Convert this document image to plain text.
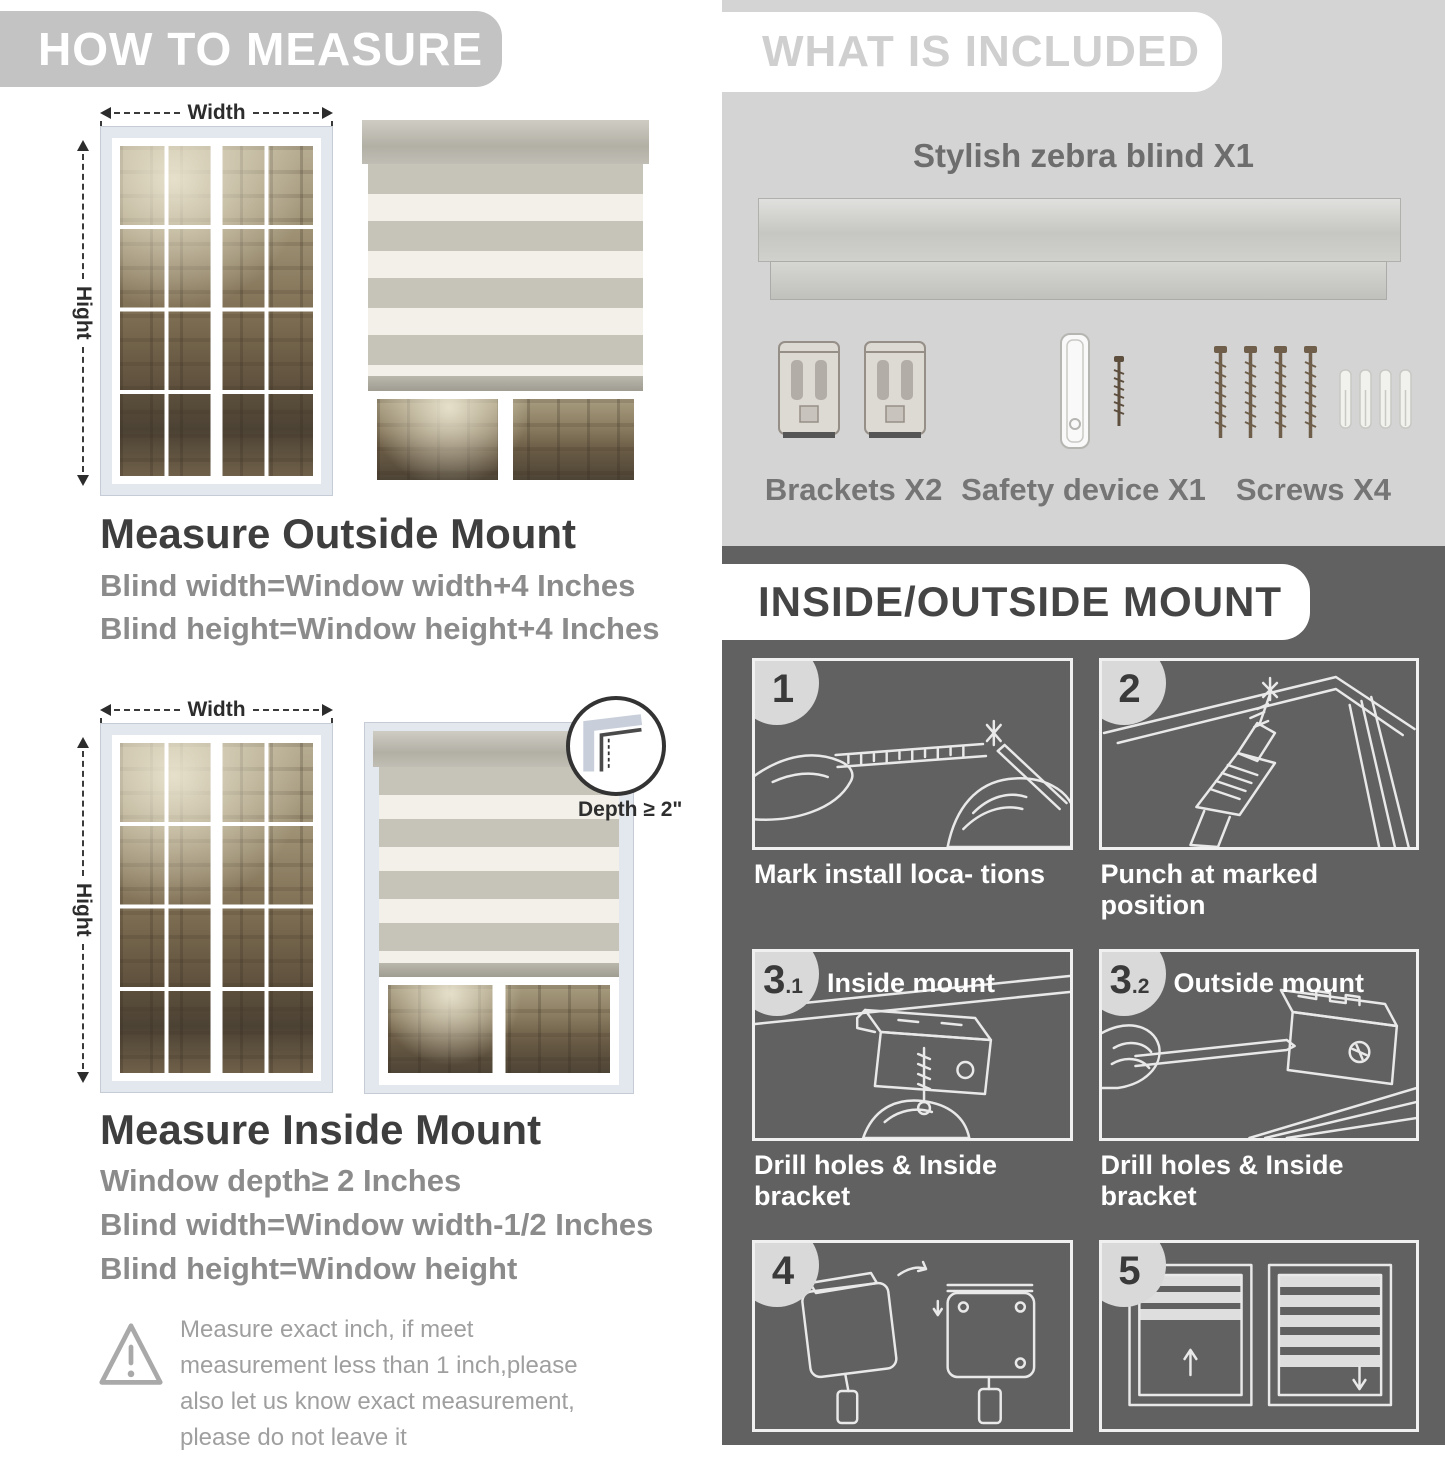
HOW TO MEASURE
Width
Hight
Measure Outside Mount

Blind width=Window width+4 Inches

Blind height=Window height+4 Inches

Width
Hight
Depth ≥ 2"
Measure Inside Mount

Window depth≥ 2 Inches

Blind width=Window width-1/2 Inches

Blind height=Window height

Measure exact inch, if meet measurement less than 1 inch,please also let us know exact measurement, please do not leave it

WHAT IS INCLUDED
Stylish zebra blind X1
Brackets X2 Safety device X1 Screws X4
INSIDE/OUTSIDE MOUNT
1
Mark install loca- tions
2
Punch at marked position
3 .1 Inside mount
Drill holes & Inside bracket
3 .2 Outside mount
Drill holes & Inside bracket
4
Install the blind
5
Finish
